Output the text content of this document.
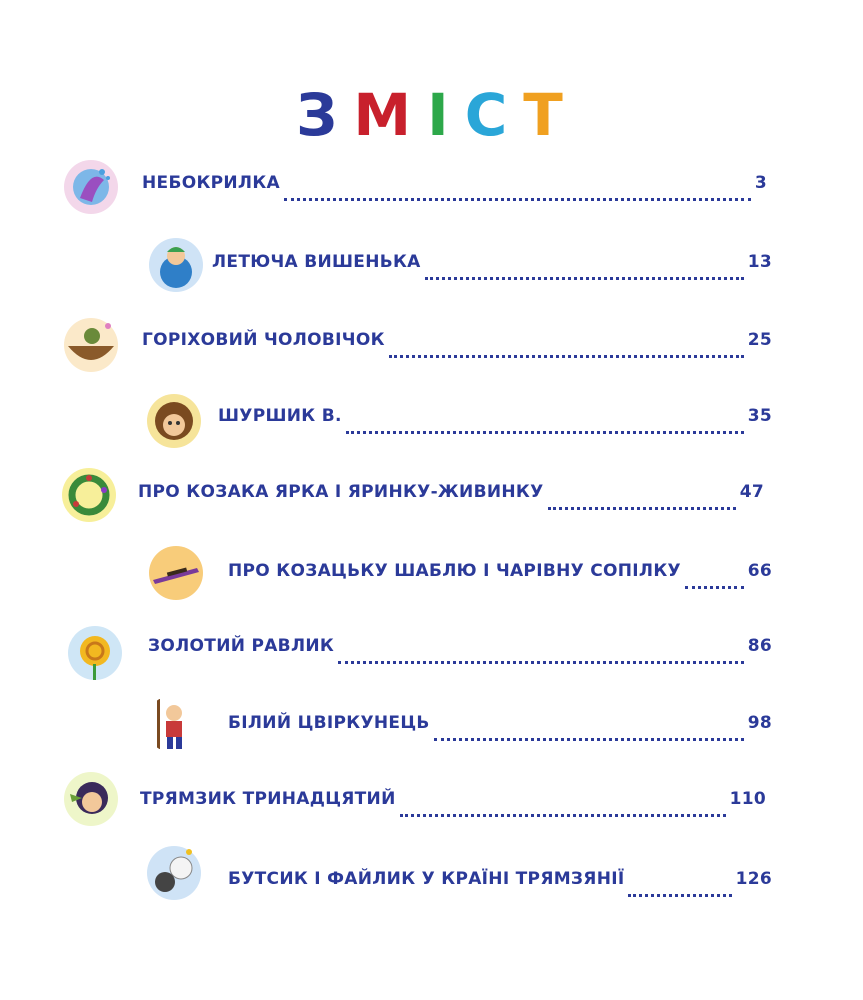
З М І С Т
НЕБОКРИЛКА	3
ЛЕТЮЧА ВИШЕНЬКА	13
ГОРІХОВИЙ ЧОЛОВІЧОК	25
ШУРШИК В.	35
ПРО КОЗАКА ЯРКА І ЯРИНКУ-ЖИВИНКУ	47
ПРО КОЗАЦЬКУ ШАБЛЮ І ЧАРІВНУ СОПІЛКУ	66
ЗОЛОТИЙ РАВЛИК	86
БІЛИЙ ЦВІРКУНЕЦЬ	98
ТРЯМЗИК ТРИНАДЦЯТИЙ	110
БУТСИК І ФАЙЛИК У КРАЇНІ ТРЯМЗЯНІЇ	126
